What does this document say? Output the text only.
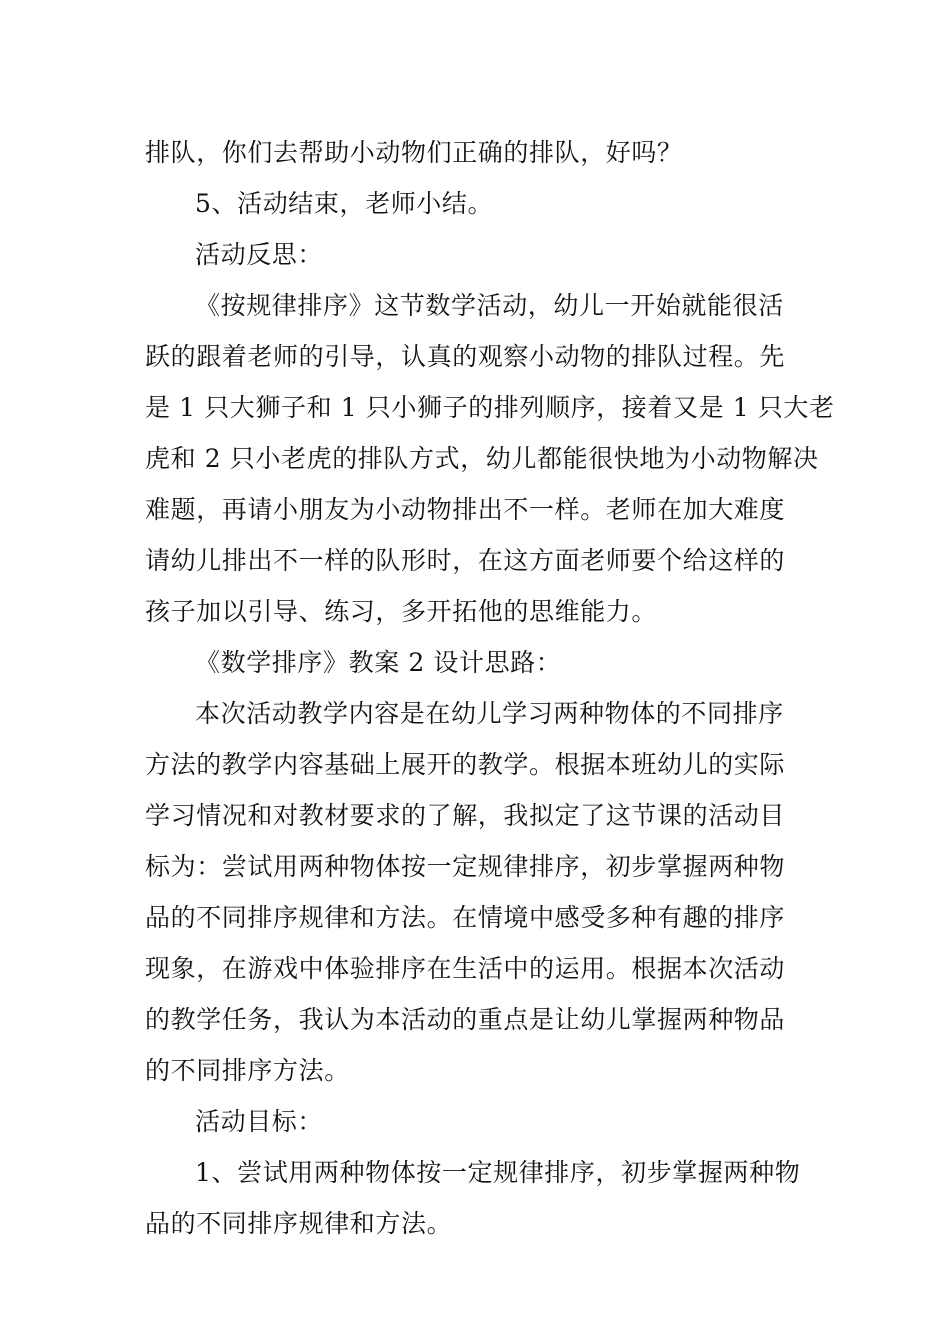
排队，你们去帮助小动物们正确的排队，好吗？
5、活动结束，老师小结。
活动反思：
《按规律排序》这节数学活动，幼儿一开始就能很活
跃的跟着老师的引导，认真的观察小动物的排队过程。先
是 1 只大狮子和 1 只小狮子的排列顺序，接着又是 1 只大老
虎和 2 只小老虎的排队方式，幼儿都能很快地为小动物解决
难题，再请小朋友为小动物排出不一样。老师在加大难度
请幼儿排出不一样的队形时，在这方面老师要个给这样的
孩子加以引导、练习，多开拓他的思维能力。
《数学排序》教案 2 设计思路：
本次活动教学内容是在幼儿学习两种物体的不同排序
方法的教学内容基础上展开的教学。根据本班幼儿的实际
学习情况和对教材要求的了解，我拟定了这节课的活动目
标为：尝试用两种物体按一定规律排序，初步掌握两种物
品的不同排序规律和方法。在情境中感受多种有趣的排序
现象，在游戏中体验排序在生活中的运用。根据本次活动
的教学任务，我认为本活动的重点是让幼儿掌握两种物品
的不同排序方法。
活动目标：
1、尝试用两种物体按一定规律排序，初步掌握两种物
品的不同排序规律和方法。
